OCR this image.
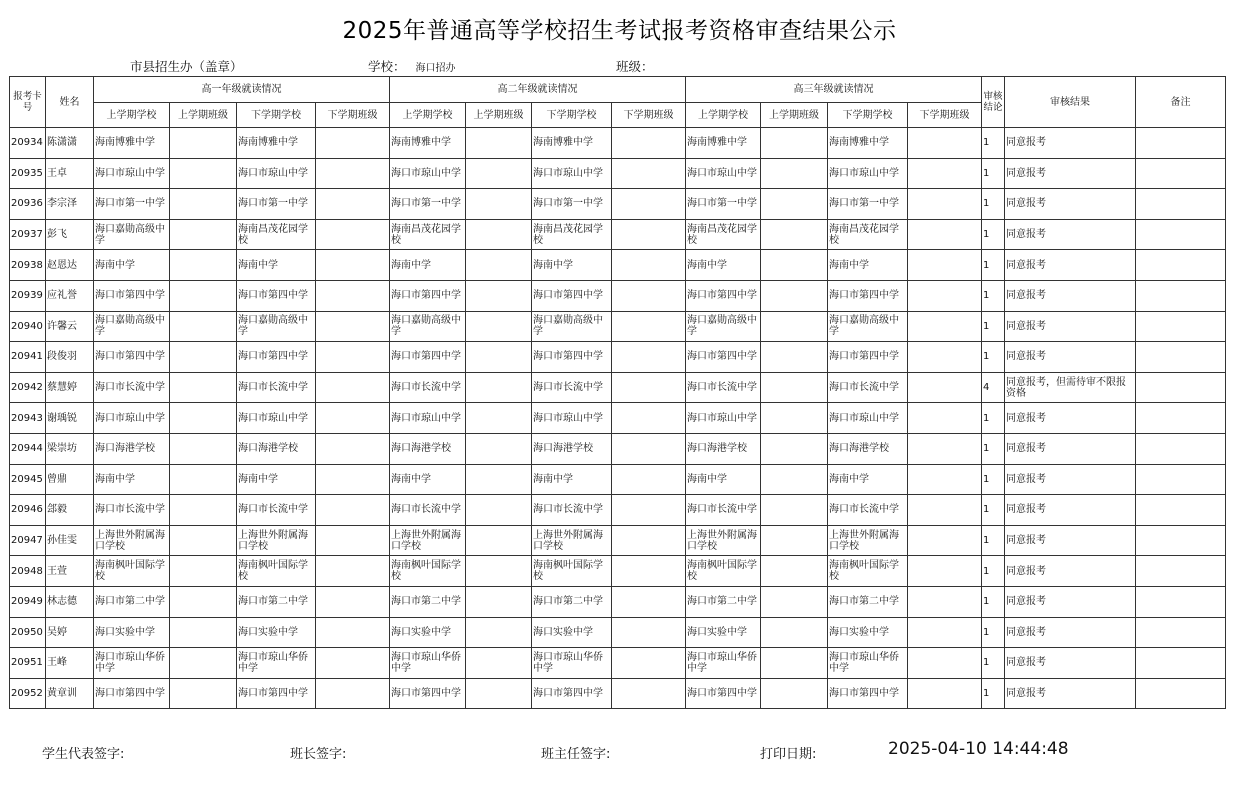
2025年普通高等学校招生考试报考资格审查结果公示
市县招生办（盖章）	学校： 海口招办	班级：
报考卡号	姓名	高一年级就读情况				高二年级就读情况				高三年级就读情况				审核结论	审核结果	备注
		上学期学校	上学期班级	下学期学校	下学期班级	上学期学校	上学期班级	下学期学校	下学期班级	上学期学校	上学期班级	下学期学校	下学期班级			
20934	陈潇潇	海南博雅中学		海南博雅中学		海南博雅中学		海南博雅中学		海南博雅中学		海南博雅中学		1	同意报考	
20935	王卓	海口市琼山中学		海口市琼山中学		海口市琼山中学		海口市琼山中学		海口市琼山中学		海口市琼山中学		1	同意报考	
20936	李宗泽	海口市第一中学		海口市第一中学		海口市第一中学		海口市第一中学		海口市第一中学		海口市第一中学		1	同意报考	
20937	彭飞	海口嘉勋高级中学		海南昌茂花园学校		海南昌茂花园学校		海南昌茂花园学校		海南昌茂花园学校		海南昌茂花园学校		1	同意报考	
20938	赵恩达	海南中学		海南中学		海南中学		海南中学		海南中学		海南中学		1	同意报考	
20939	应礼誉	海口市第四中学		海口市第四中学		海口市第四中学		海口市第四中学		海口市第四中学		海口市第四中学		1	同意报考	
20940	许馨云	海口嘉勋高级中学		海口嘉勋高级中学		海口嘉勋高级中学		海口嘉勋高级中学		海口嘉勋高级中学		海口嘉勋高级中学		1	同意报考	
20941	段俊羽	海口市第四中学		海口市第四中学		海口市第四中学		海口市第四中学		海口市第四中学		海口市第四中学		1	同意报考	
20942	蔡慧婷	海口市长流中学		海口市长流中学		海口市长流中学		海口市长流中学		海口市长流中学		海口市长流中学		4	同意报考，但需待审不限报资格	
20943	谢瑀锐	海口市琼山中学		海口市琼山中学		海口市琼山中学		海口市琼山中学		海口市琼山中学		海口市琼山中学		1	同意报考	
20944	梁崇坊	海口海港学校		海口海港学校		海口海港学校		海口海港学校		海口海港学校		海口海港学校		1	同意报考	
20945	曾鼎	海南中学		海南中学		海南中学		海南中学		海南中学		海南中学		1	同意报考	
20946	郐毅	海口市长流中学		海口市长流中学		海口市长流中学		海口市长流中学		海口市长流中学		海口市长流中学		1	同意报考	
20947	孙佳雯	上海世外附属海口学校		上海世外附属海口学校		上海世外附属海口学校		上海世外附属海口学校		上海世外附属海口学校		上海世外附属海口学校		1	同意报考	
20948	王萱	海南枫叶国际学校		海南枫叶国际学校		海南枫叶国际学校		海南枫叶国际学校		海南枫叶国际学校		海南枫叶国际学校		1	同意报考	
20949	林志德	海口市第二中学		海口市第二中学		海口市第二中学		海口市第二中学		海口市第二中学		海口市第二中学		1	同意报考	
20950	吴婷	海口实验中学		海口实验中学		海口实验中学		海口实验中学		海口实验中学		海口实验中学		1	同意报考	
20951	王峰	海口市琼山华侨中学		海口市琼山华侨中学		海口市琼山华侨中学		海口市琼山华侨中学		海口市琼山华侨中学		海口市琼山华侨中学		1	同意报考	
20952	黄章训	海口市第四中学		海口市第四中学		海口市第四中学		海口市第四中学		海口市第四中学		海口市第四中学		1	同意报考	
学生代表签字:	班长签字:	班主任签字:	打印日期:	2025-04-10 14:44:48
